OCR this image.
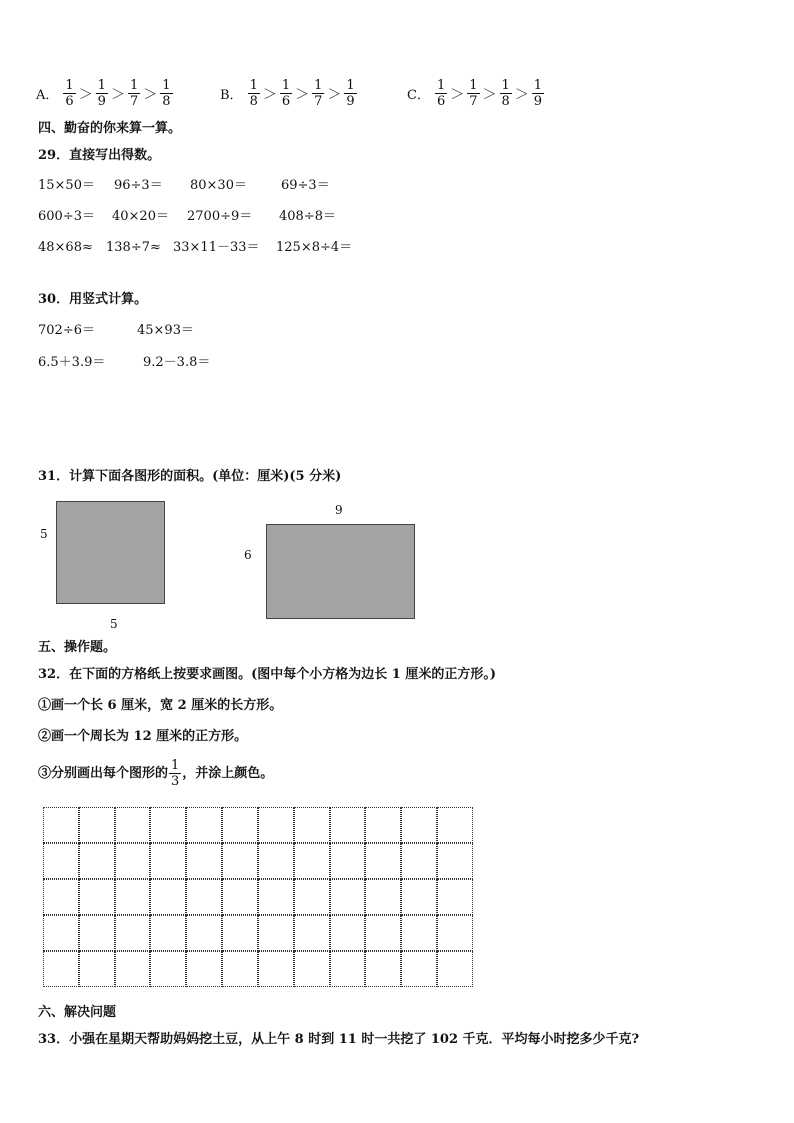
A． $\frac{1}{6} > \frac{1}{9} > \frac{1}{7} > \frac{1}{8}$	B． $\frac{1}{8} > \frac{1}{6} > \frac{1}{7} > \frac{1}{9}$	C． $\frac{1}{6} > \frac{1}{7} > \frac{1}{8} > \frac{1}{9}$
四、勤奋的你来算一算。
29．直接写出得数。
15×50＝ 96÷3＝ 80×30＝	69÷3＝
600÷3＝ 40×20＝ 2700÷9＝ 408÷8＝
48×68≈ 138÷7≈ 33×11－33＝ 125×8÷4＝
30．用竖式计算。
702÷6＝	45×93＝
6.5＋3.9＝	9.2－3.8＝
31．计算下面各图形的面积。(单位：厘米)(5 分米)
5
5
9
6
五、操作题。
32．在下面的方格纸上按要求画图。(图中每个小方格为边长 1 厘米的正方形。)
①画一个长 6 厘米，宽 2 厘米的长方形。
②画一个周长为 12 厘米的正方形。
③分别画出每个图形的 $\frac{1}{3}$ ，并涂上颜色。
六、解决问题
33．小强在星期天帮助妈妈挖土豆，从上午 8 时到 11 时一共挖了 102 千克．平均每小时挖多少千克?
